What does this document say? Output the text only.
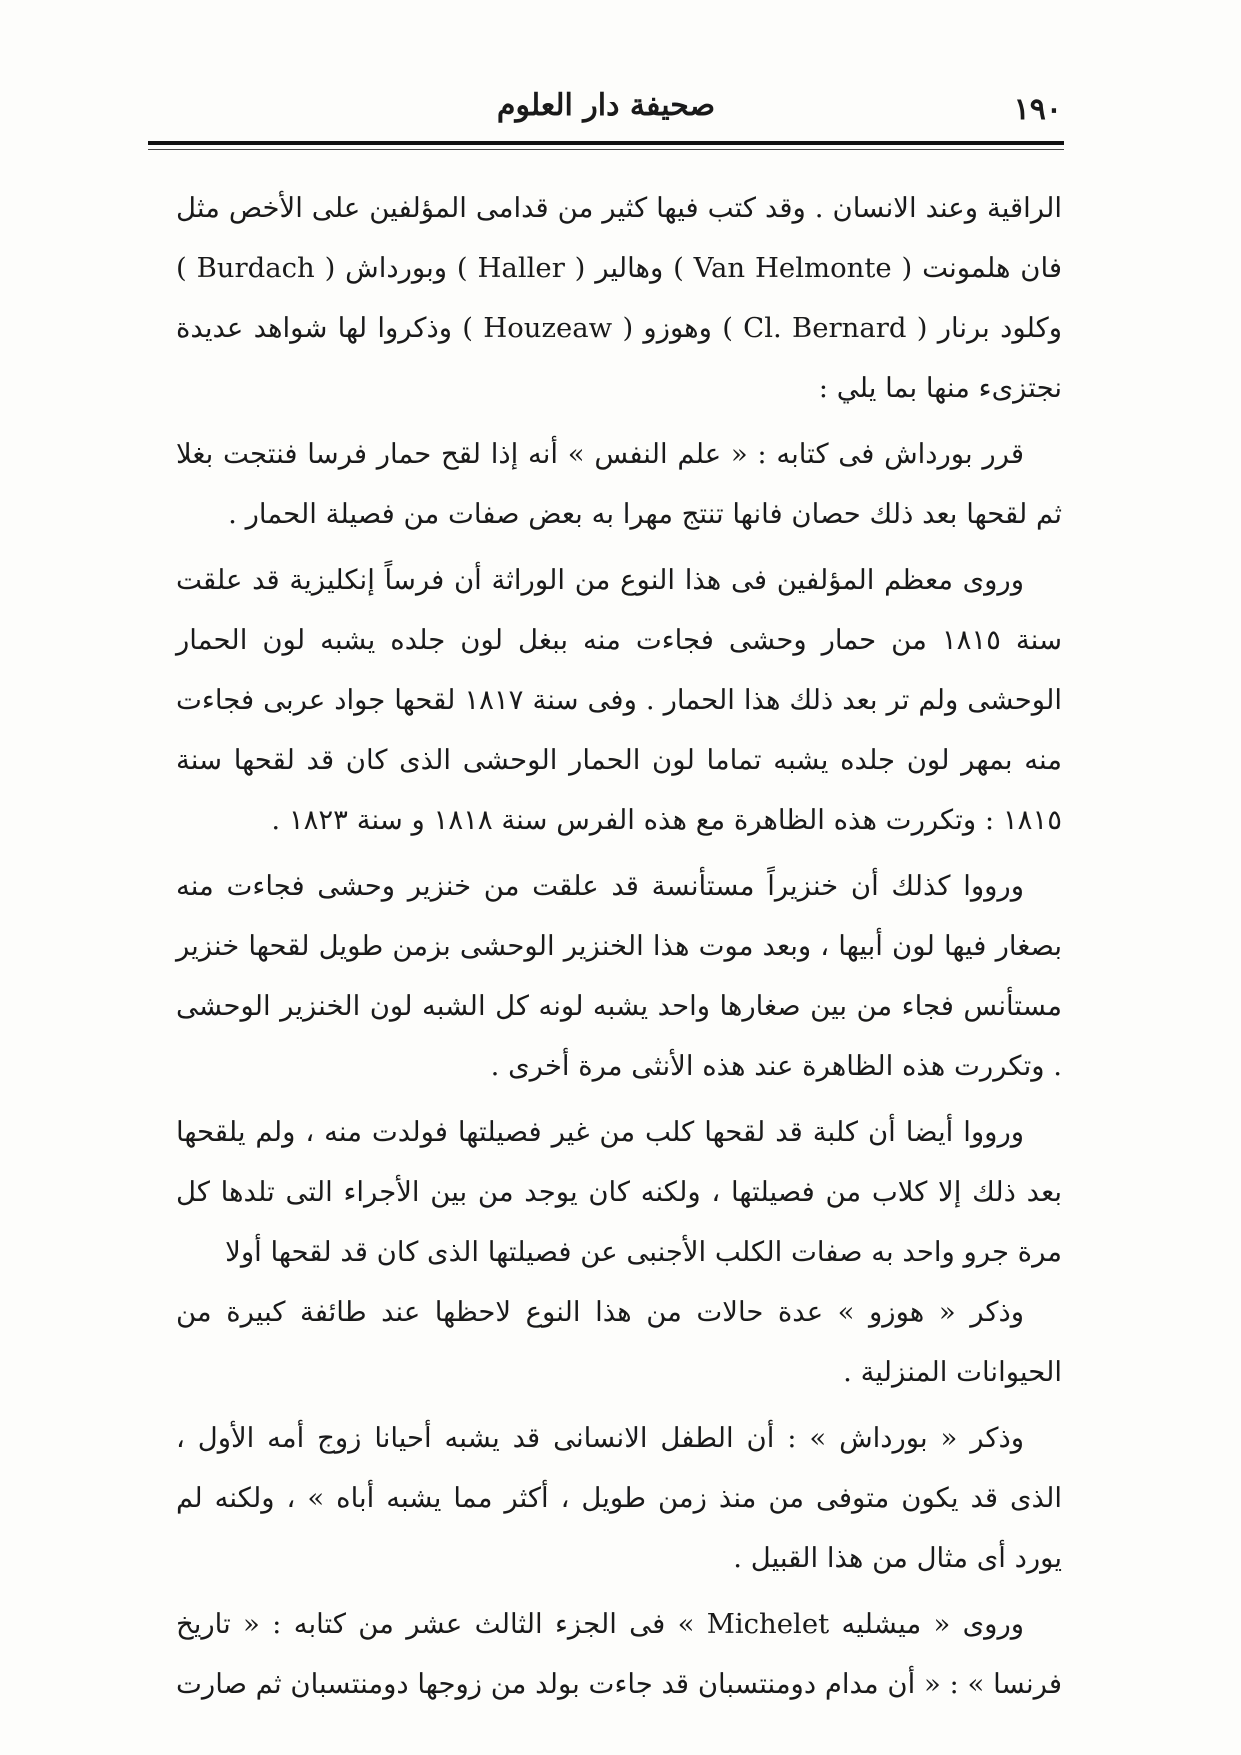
١٩٠
صحيفة دار العلوم

الراقية وعند الانسان . وقد كتب فيها كثير من قدامى المؤلفين على الأخص مثل فان هلمونت ( Van Helmonte ) وهالير ( Haller ) وبورداش ( Burdach ) وكلود برنار ( Cl. Bernard ) وهوزو ( Houzeaw ) وذكروا لها شواهد عديدة نجتزىء منها بما يلي :

قرر بورداش فى كتابه : « علم النفس » أنه إذا لقح حمار فرسا فنتجت بغلا ثم لقحها بعد ذلك حصان فانها تنتج مهرا به بعض صفات من فصيلة الحمار .

وروى معظم المؤلفين فى هذا النوع من الوراثة أن فرساً إنكليزية قد علقت سنة ١٨١٥ من حمار وحشى فجاءت منه ببغل لون جلده يشبه لون الحمار الوحشى ولم تر بعد ذلك هذا الحمار . وفى سنة ١٨١٧ لقحها جواد عربى فجاءت منه بمهر لون جلده يشبه تماما لون الحمار الوحشى الذى كان قد لقحها سنة ١٨١٥ : وتكررت هذه الظاهرة مع هذه الفرس سنة ١٨١٨ و سنة ١٨٢٣ .

ورووا كذلك أن خنزيراً مستأنسة قد علقت من خنزير وحشى فجاءت منه بصغار فيها لون أبيها ، وبعد موت هذا الخنزير الوحشى بزمن طويل لقحها خنزير مستأنس فجاء من بين صغارها واحد يشبه لونه كل الشبه لون الخنزير الوحشى . وتكررت هذه الظاهرة عند هذه الأنثى مرة أخرى .

ورووا أيضا أن كلبة قد لقحها كلب من غير فصيلتها فولدت منه ، ولم يلقحها بعد ذلك إلا كلاب من فصيلتها ، ولكنه كان يوجد من بين الأجراء التى تلدها كل مرة جرو واحد به صفات الكلب الأجنبى عن فصيلتها الذى كان قد لقحها أولا

وذكر « هوزو » عدة حالات من هذا النوع لاحظها عند طائفة كبيرة من الحيوانات المنزلية .

وذكر « بورداش » : أن الطفل الانسانى قد يشبه أحيانا زوج أمه الأول ، الذى قد يكون متوفى من منذ زمن طويل ، أكثر مما يشبه أباه » ، ولكنه لم يورد أى مثال من هذا القبيل .

وروى « ميشليه Michelet » فى الجزء الثالث عشر من كتابه : « تاريخ فرنسا » : « أن مدام دومنتسبان قد جاءت بولد من زوجها دومنتسبان ثم صارت
